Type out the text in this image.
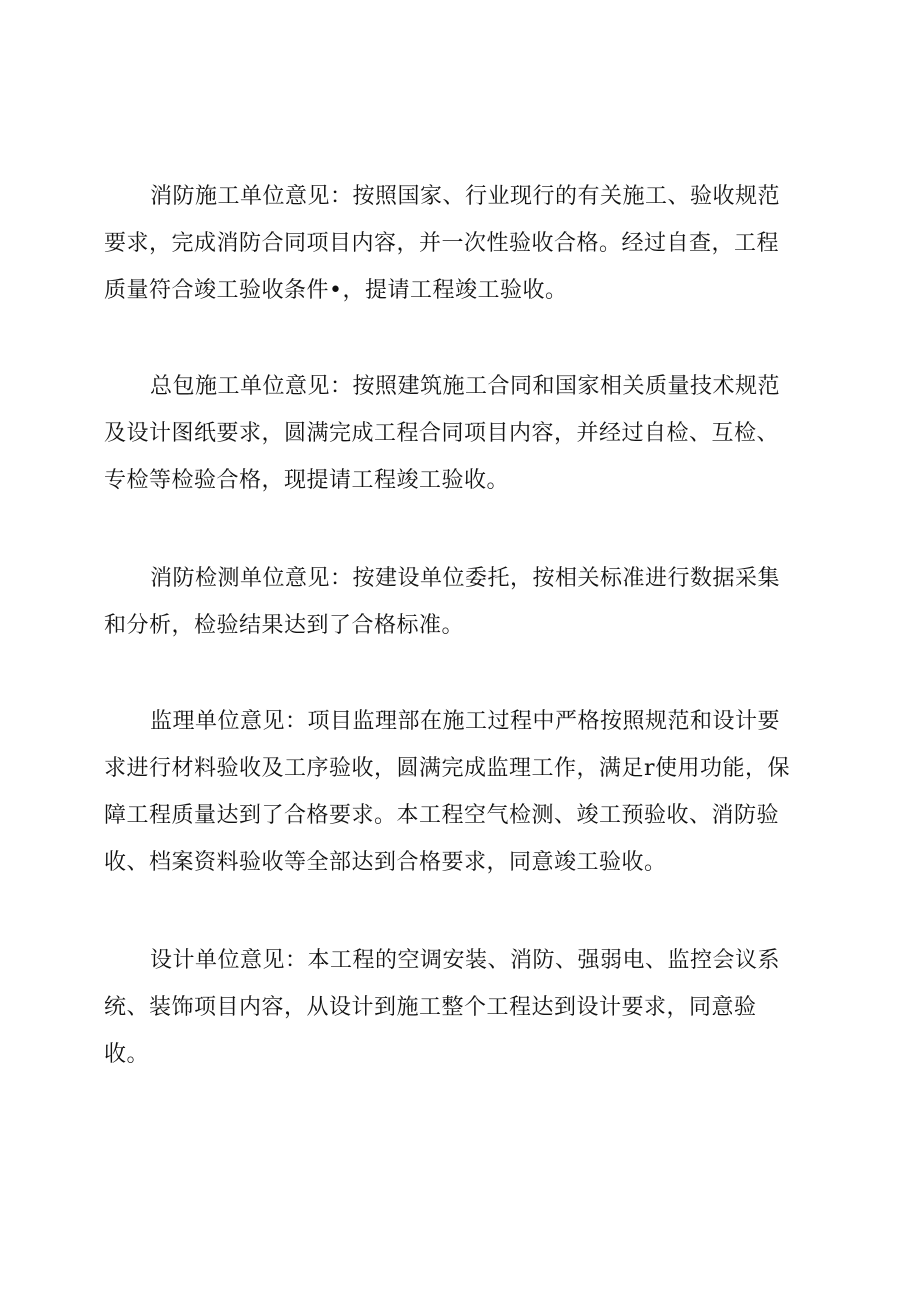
消防施工单位意见：按照国家、行业现行的有关施工、验收规范
要求，完成消防合同项目内容，并一次性验收合格。经过自查，工程
质量符合竣工验收条件•，提请工程竣工验收。

总包施工单位意见：按照建筑施工合同和国家相关质量技术规范
及设计图纸要求，圆满完成工程合同项目内容，并经过自检、互检、
专检等检验合格，现提请工程竣工验收。

消防检测单位意见：按建设单位委托，按相关标准进行数据采集
和分析，检验结果达到了合格标准。

监理单位意见：项目监理部在施工过程中严格按照规范和设计要
求进行材料验收及工序验收，圆满完成监理工作，满足r使用功能，保
障工程质量达到了合格要求。本工程空气检测、竣工预验收、消防验
收、档案资料验收等全部达到合格要求，同意竣工验收。

设计单位意见：本工程的空调安装、消防、强弱电、监控会议系
统、装饰项目内容，从设计到施工整个工程达到设计要求，同意验
收。
